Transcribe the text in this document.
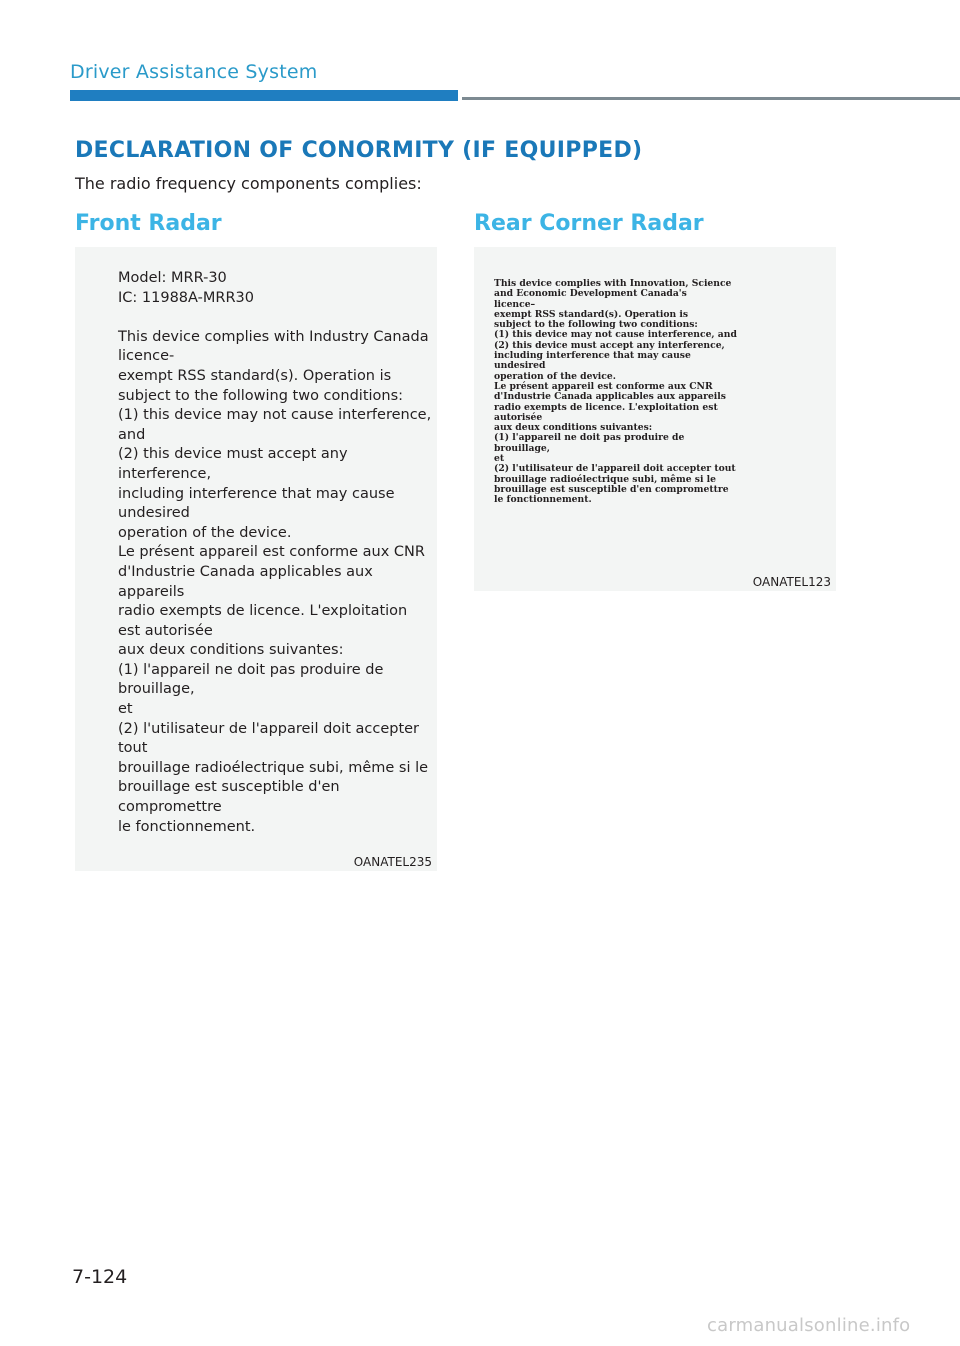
Driver Assistance System
DECLARATION OF CONORMITY (IF EQUIPPED)
The radio frequency components complies:
Front Radar
Model: MRR-30
IC: 11988A-MRR30

This device complies with Industry Canada
licence-
exempt RSS standard(s). Operation is
subject to the following two conditions:
(1) this device may not cause interference,
and
(2) this device must accept any
interference,
including interference that may cause
undesired
operation of the device.
Le présent appareil est conforme aux CNR
d'Industrie Canada applicables aux
appareils
radio exempts de licence. L'exploitation
est autorisée
aux deux conditions suivantes:
(1) l'appareil ne doit pas produire de
brouillage,
et
(2) l'utilisateur de l'appareil doit accepter
tout
brouillage radioélectrique subi, même si le
brouillage est susceptible d'en
compromettre
le fonctionnement.
OANATEL235
Rear Corner Radar
This device complies with Innovation, Science
and Economic Development Canada's
licence–
exempt RSS standard(s). Operation is
subject to the following two conditions:
(1) this device may not cause interference, and
(2) this device must accept any interference,
including interference that may cause
undesired
operation of the device.
Le présent appareil est conforme aux CNR
d'Industrie Canada applicables aux appareils
radio exempts de licence. L'exploitation est
autorisée
aux deux conditions suivantes:
(1) l'appareil ne doit pas produire de
brouillage,
et
(2) l'utilisateur de l'appareil doit accepter tout
brouillage radioélectrique subi, même si le
brouillage est susceptible d'en compromettre
le fonctionnement.
OANATEL123
7-124
carmanualsonline.info
